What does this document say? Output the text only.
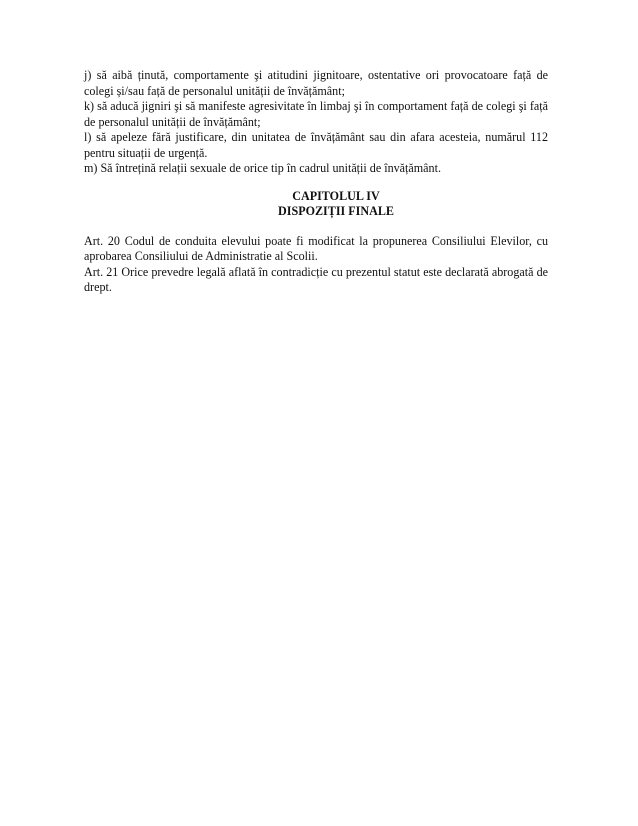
j) să aibă ținută, comportamente şi atitudini jignitoare, ostentative ori provocatoare față de colegi și/sau față de personalul unității de învățământ;

k) să aducă jigniri şi să manifeste agresivitate în limbaj şi în comportament față de colegi şi față de personalul unității de învățământ;

l) să apeleze fără justificare, din unitatea de învățământ sau din afara acesteia, numărul 112 pentru situații de urgență.

m) Să întrețină relații sexuale de orice tip în cadrul unității de învățământ.

CAPITOLUL IV
DISPOZIȚII FINALE

Art. 20 Codul de conduita elevului poate fi modificat la propunerea Consiliului Elevilor, cu aprobarea Consiliului de Administratie al Scolii.

Art. 21 Orice prevedre legală aflată în contradicție cu prezentul statut este declarată abrogată de drept.
